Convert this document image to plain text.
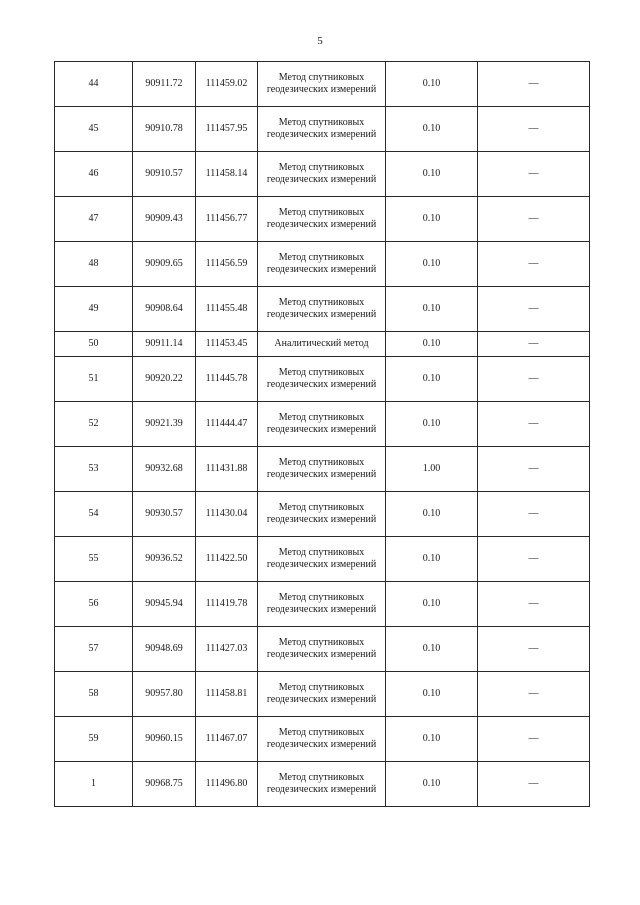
5
44	90911.72	111459.02	Метод спутниковых
геодезических измерений	0.10	—
45	90910.78	111457.95	Метод спутниковых
геодезических измерений	0.10	—
46	90910.57	111458.14	Метод спутниковых
геодезических измерений	0.10	—
47	90909.43	111456.77	Метод спутниковых
геодезических измерений	0.10	—
48	90909.65	111456.59	Метод спутниковых
геодезических измерений	0.10	—
49	90908.64	111455.48	Метод спутниковых
геодезических измерений	0.10	—
50	90911.14	111453.45	Аналитический метод	0.10	—
51	90920.22	111445.78	Метод спутниковых
геодезических измерений	0.10	—
52	90921.39	111444.47	Метод спутниковых
геодезических измерений	0.10	—
53	90932.68	111431.88	Метод спутниковых
геодезических измерений	1.00	—
54	90930.57	111430.04	Метод спутниковых
геодезических измерений	0.10	—
55	90936.52	111422.50	Метод спутниковых
геодезических измерений	0.10	—
56	90945.94	111419.78	Метод спутниковых
геодезических измерений	0.10	—
57	90948.69	111427.03	Метод спутниковых
геодезических измерений	0.10	—
58	90957.80	111458.81	Метод спутниковых
геодезических измерений	0.10	—
59	90960.15	111467.07	Метод спутниковых
геодезических измерений	0.10	—
1	90968.75	111496.80	Метод спутниковых
геодезических измерений	0.10	—
